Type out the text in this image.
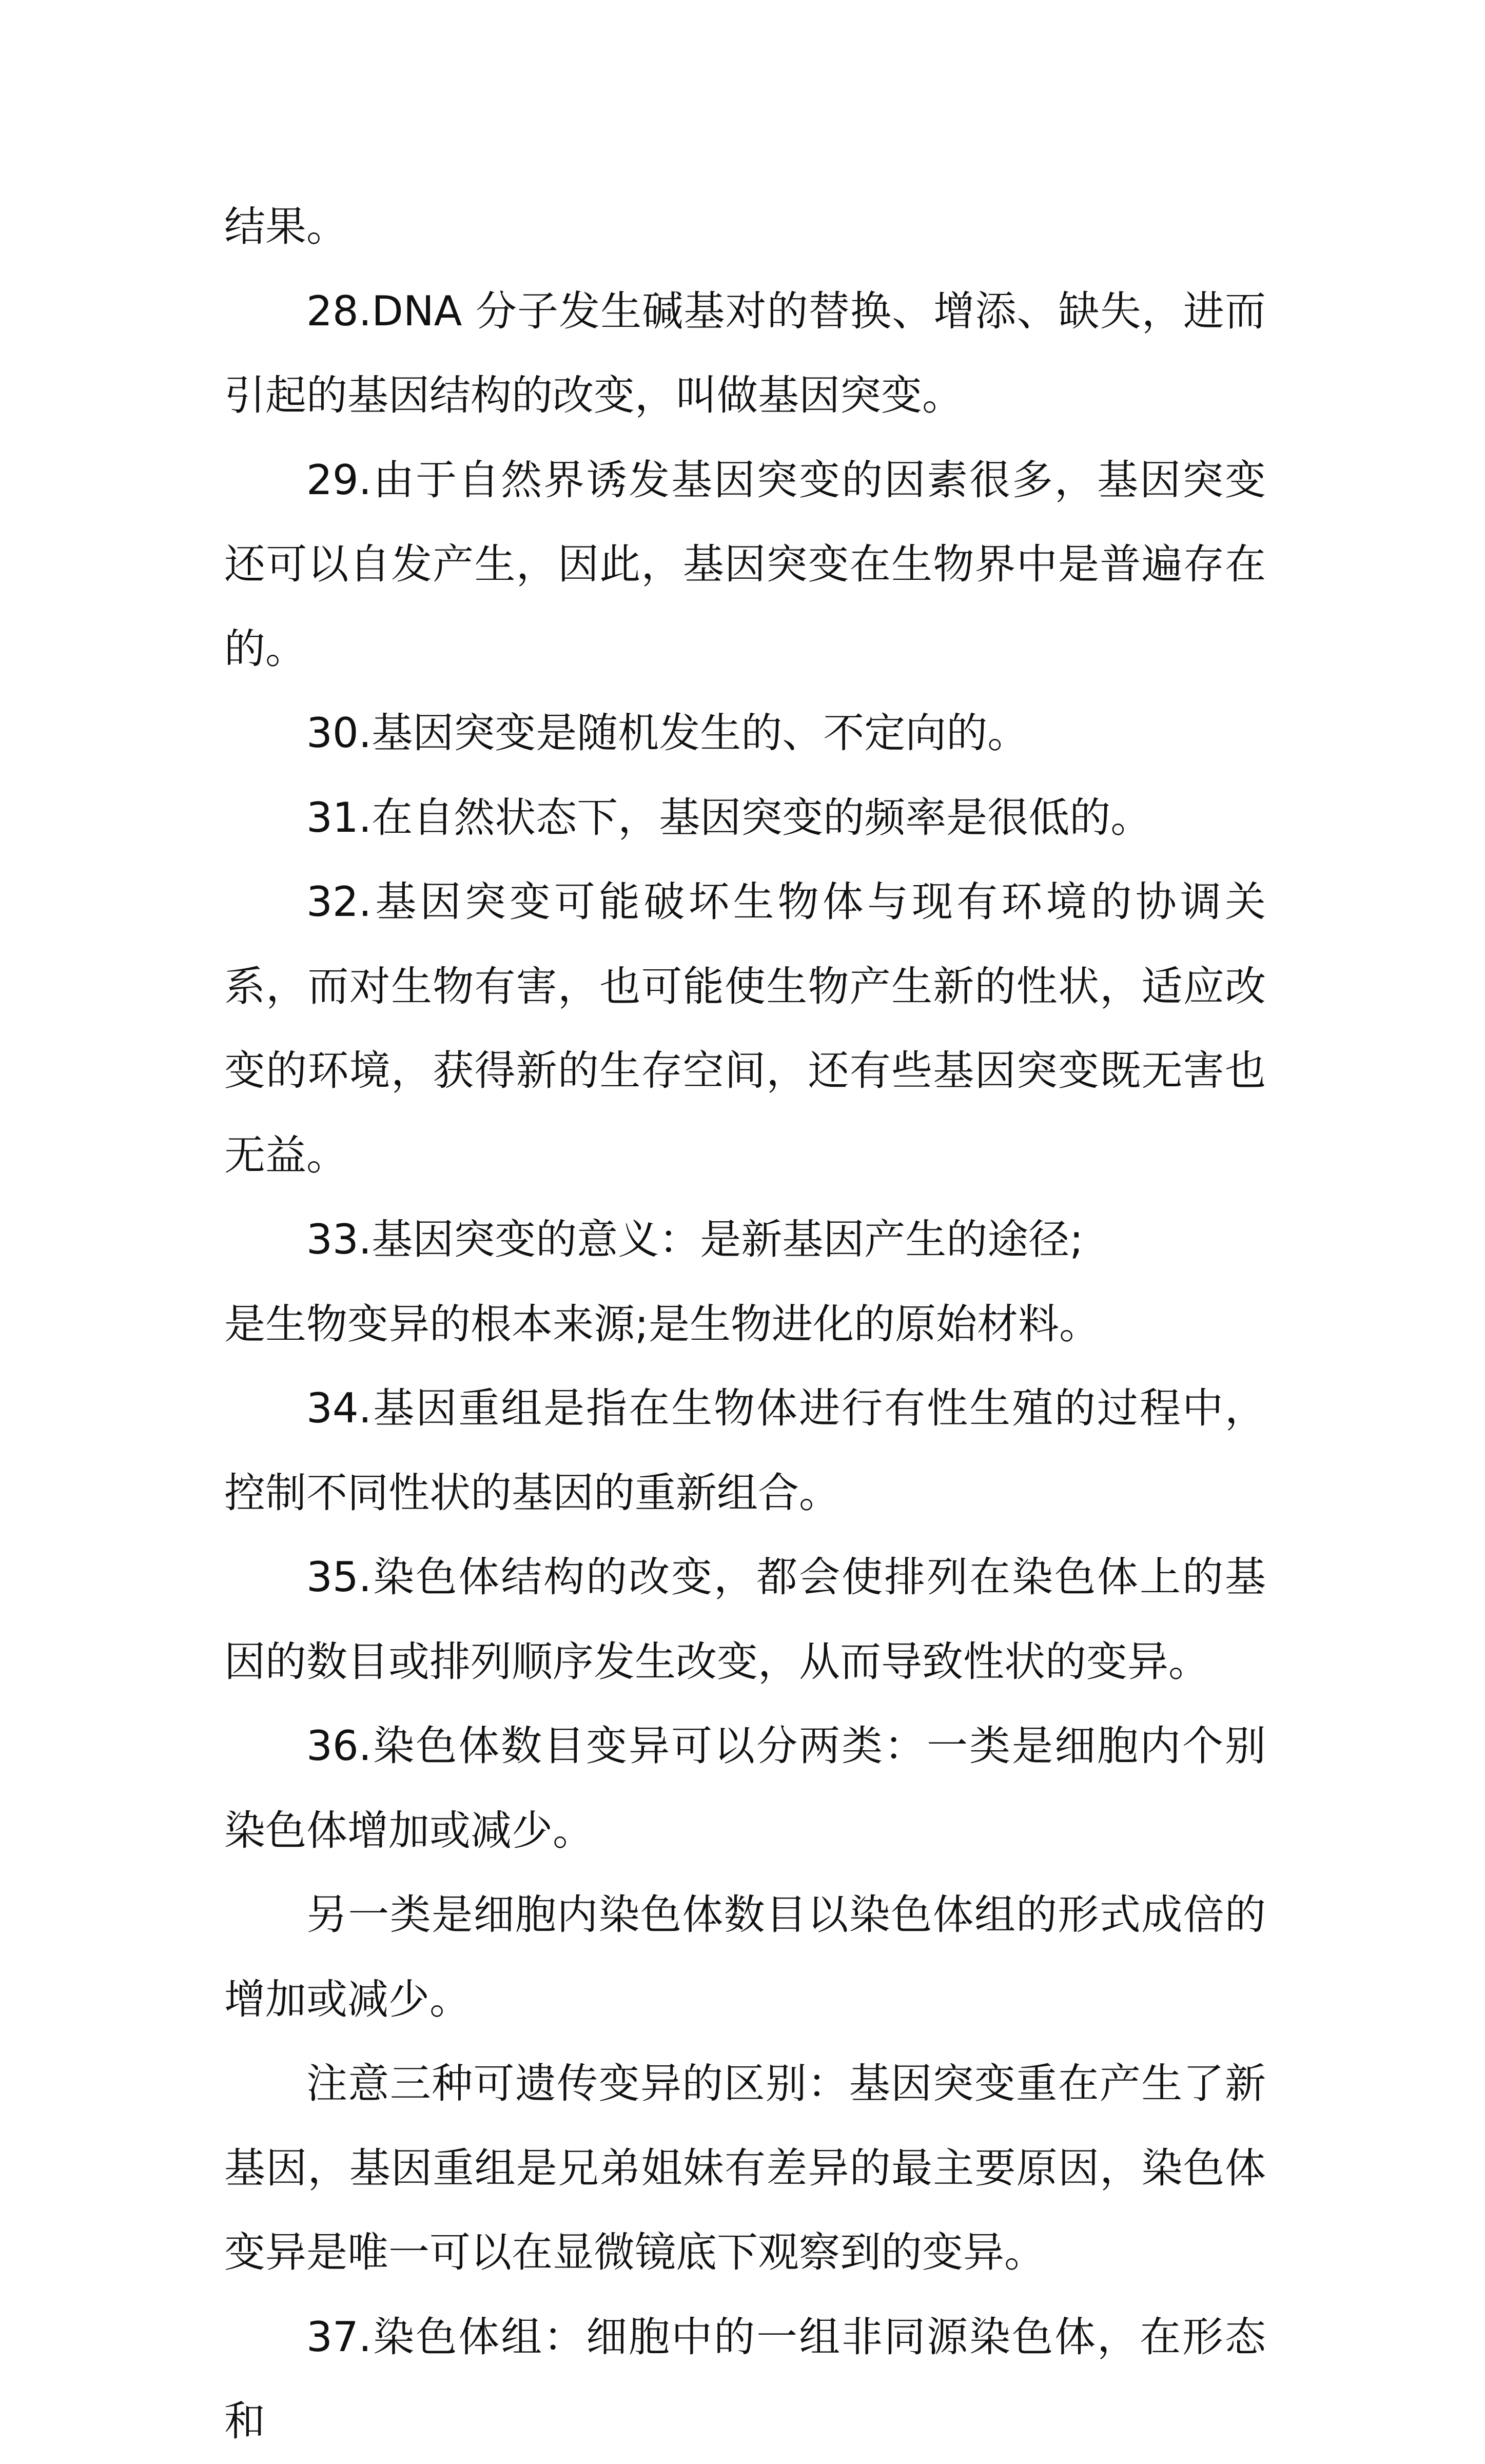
结果。

28.DNA 分子发生碱基对的替换、增添、缺失，进而引起的基因结构的改变，叫做基因突变。

29.由于自然界诱发基因突变的因素很多，基因突变还可以自发产生，因此，基因突变在生物界中是普遍存在的。

30.基因突变是随机发生的、不定向的。

31.在自然状态下，基因突变的频率是很低的。

32.基因突变可能破坏生物体与现有环境的协调关系，而对生物有害，也可能使生物产生新的性状，适应改变的环境，获得新的生存空间，还有些基因突变既无害也无益。

33.基因突变的意义：是新基因产生的途径;

是生物变异的根本来源;是生物进化的原始材料。

34.基因重组是指在生物体进行有性生殖的过程中，控制不同性状的基因的重新组合。

35.染色体结构的改变，都会使排列在染色体上的基因的数目或排列顺序发生改变，从而导致性状的变异。

36.染色体数目变异可以分两类：一类是细胞内个别染色体增加或减少。

另一类是细胞内染色体数目以染色体组的形式成倍的增加或减少。

注意三种可遗传变异的区别：基因突变重在产生了新基因，基因重组是兄弟姐妹有差异的最主要原因，染色体变异是唯一可以在显微镜底下观察到的变异。

37.染色体组：细胞中的一组非同源染色体，在形态和
